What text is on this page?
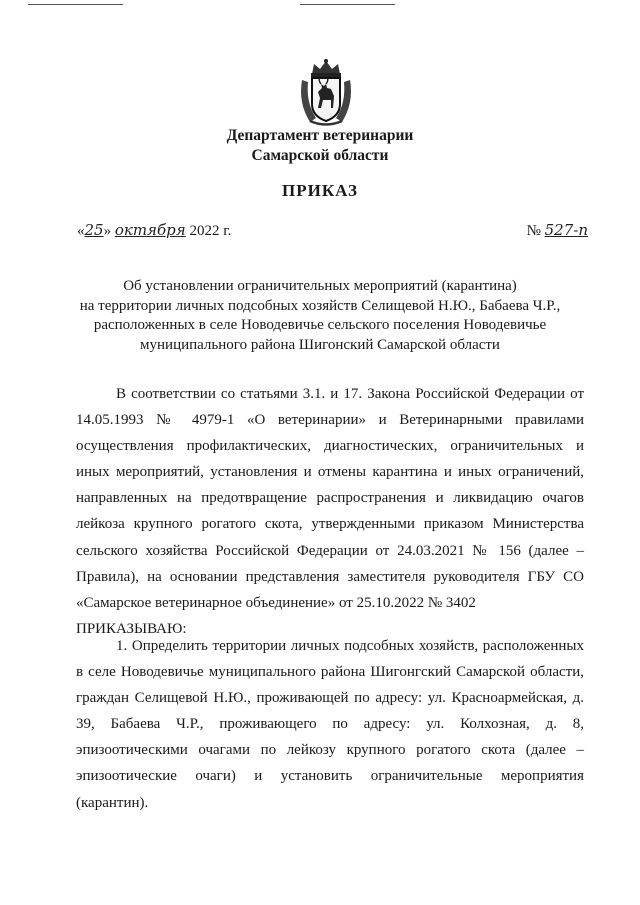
Департамент ветеринарии
Самарской области
ПРИКАЗ
«25» октября 2022 г.	№ 527-п
Об установлении ограничительных мероприятий (карантина)
на территории личных подсобных хозяйств Селищевой Н.Ю., Бабаева Ч.Р.,
расположенных в селе Новодевичье сельского поселения Новодевичье
муниципального района Шигонский Самарской области
В соответствии со статьями 3.1. и 17. Закона Российской Федерации от 14.05.1993 № 4979-1 «О ветеринарии» и Ветеринарными правилами осуществления профилактических, диагностических, ограничительных и иных мероприятий, установления и отмены карантина и иных ограничений, направленных на предотвращение распространения и ликвидацию очагов лейкоза крупного рогатого скота, утвержденными приказом Министерства сельского хозяйства Российской Федерации от 24.03.2021 № 156 (далее – Правила), на основании представления заместителя руководителя ГБУ СО «Самарское ветеринарное объединение» от 25.10.2022 № 3402
ПРИКАЗЫВАЮ:
1. Определить территории личных подсобных хозяйств, расположенных в селе Новодевичье муниципального района Шигонгский Самарской области, граждан Селищевой Н.Ю., проживающей по адресу: ул. Красноармейская, д. 39, Бабаева Ч.Р., проживающего по адресу: ул. Колхозная, д. 8, эпизоотическими очагами по лейкозу крупного рогатого скота (далее – эпизоотические очаги) и установить ограничительные мероприятия (карантин).
